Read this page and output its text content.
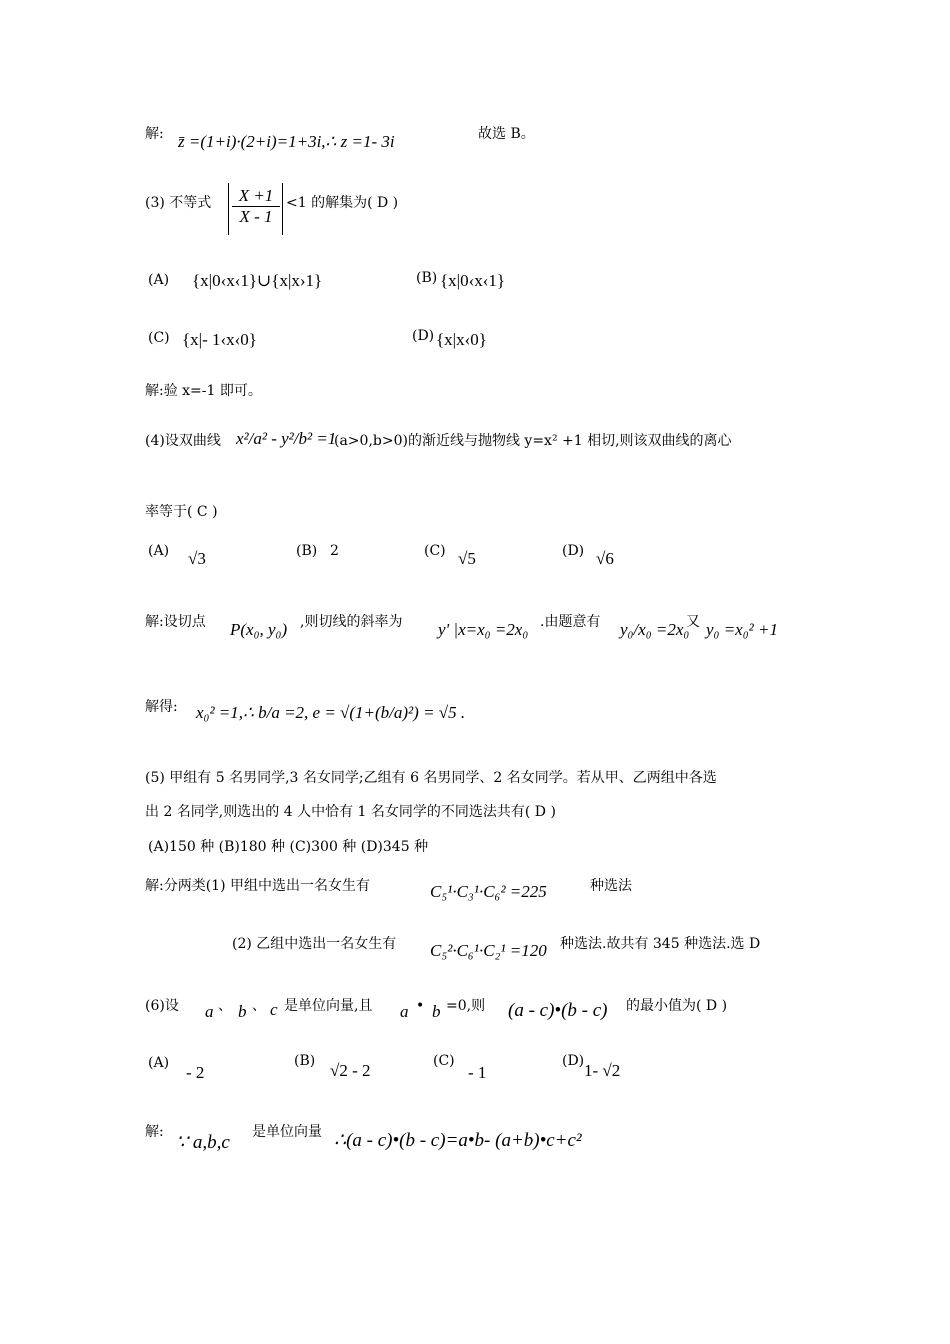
解: z̄ =(1+i)·(2+i)=1+3i,∴ z =1- 3i	故选 B。
(3) 不等式	X +1
X - 1
<1 的解集为( D )
(A) {x|0‹x‹1}∪{x|x›1}	(B) {x|0‹x‹1}
(C) {x|- 1‹x‹0}	(D) {x|x‹0}
解:验 x=-1 即可。
(4)设双曲线 x²/a² - y²/b² =1
(a>0,b>0)的渐近线与抛物线 y=x² +1 相切,则该双曲线的离心
率等于( C )
(A) √3	(B) 2	(C) √5	(D) √6
解:设切点 P(x₀, y₀) ,则切线的斜率为 y' |x=x₀ =2x₀ .由题意有 y₀/x₀ =2x₀
又 y₀ =x₀² +1
解得: x₀² =1,∴ b/a =2, e = √(1+(b/a)²) = √5 .
(5) 甲组有 5 名男同学,3 名女同学;乙组有 6 名男同学、2 名女同学。若从甲、乙两组中各选
出 2 名同学,则选出的 4 人中恰有 1 名女同学的不同选法共有( D )
(A)150 种 (B)180 种 (C)300 种 (D)345 种
解:分两类(1) 甲组中选出一名女生有	C₅¹·C₃¹·C₆² =225	种选法
(2) 乙组中选出一名女生有 C₅²·C₆¹·C₂¹ =120 种选法.故共有 345 种选法.选 D
(6)设 a 、 b 、 c 是单位向量,且 a • b =0,则 (a - c)•(b - c) 的最小值为( D )
(A) - 2
(B) √2 - 2	(C)
- 1
(D) 1- √2
解: ∵ a,b,c 是单位向量 ∴(a - c)•(b - c)=a•b- (a+b)•c+c²
